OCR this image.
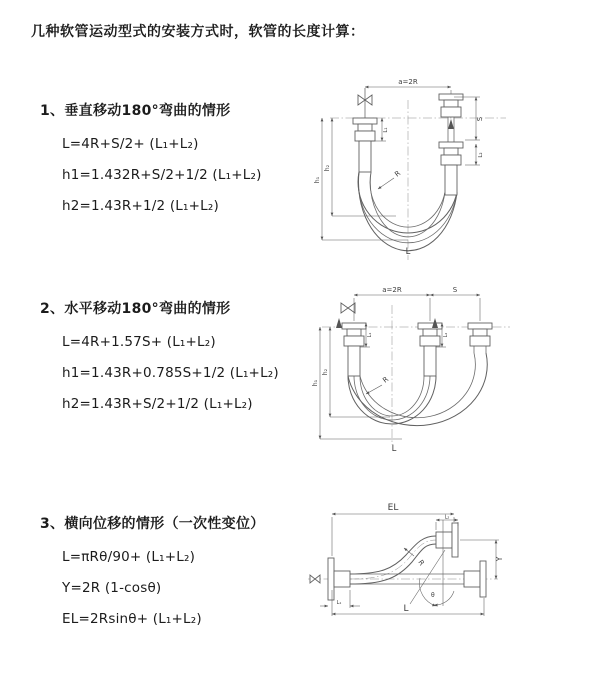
几种软管运动型式的安装方式时，软管的长度计算：
1、垂直移动180°弯曲的情形
L=4R+S/2+ (L₁+L₂)
h1=1.432R+S/2+1/2 (L₁+L₂)
h2=1.43R+1/2 (L₁+L₂)
a=2R
S
L₂
h₁
h₂
L₁
R
L
2、水平移动180°弯曲的情形
L=4R+1.57S+ (L₁+L₂)
h1=1.43R+0.785S+1/2 (L₁+L₂)
h2=1.43R+S/2+1/2 (L₁+L₂)
a=2R	S
L₁	L₂
h₁
h₂
R
L
3、横向位移的情形（一次性变位）
L=πRθ/90+ (L₁+L₂)
Y=2R (1-cosθ)
EL=2Rsinθ+ (L₁+L₂)
θ
EL
L₂
Y
R
L
L₁
